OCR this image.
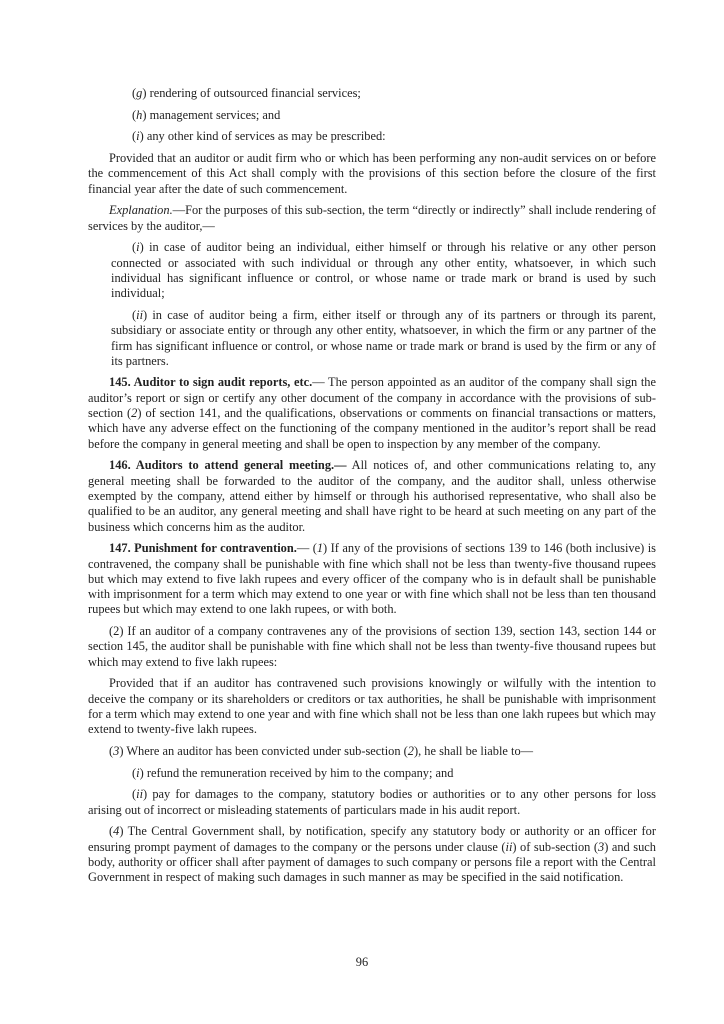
(g) rendering of outsourced financial services;

(h) management services; and

(i) any other kind of services as may be prescribed:

Provided that an auditor or audit firm who or which has been performing any non-audit services on or before the commencement of this Act shall comply with the provisions of this section before the closure of the first financial year after the date of such commencement.

Explanation.—For the purposes of this sub-section, the term “directly or indirectly” shall include rendering of services by the auditor,—

(i) in case of auditor being an individual, either himself or through his relative or any other person connected or associated with such individual or through any other entity, whatsoever, in which such individual has significant influence or control, or whose name or trade mark or brand is used by such individual;

(ii) in case of auditor being a firm, either itself or through any of its partners or through its parent, subsidiary or associate entity or through any other entity, whatsoever, in which the firm or any partner of the firm has significant influence or control, or whose name or trade mark or brand is used by the firm or any of its partners.

145. Auditor to sign audit reports, etc.— The person appointed as an auditor of the company shall sign the auditor’s report or sign or certify any other document of the company in accordance with the provisions of sub-section (2) of section 141, and the qualifications, observations or comments on financial transactions or matters, which have any adverse effect on the functioning of the company mentioned in the auditor’s report shall be read before the company in general meeting and shall be open to inspection by any member of the company.

146. Auditors to attend general meeting.— All notices of, and other communications relating to, any general meeting shall be forwarded to the auditor of the company, and the auditor shall, unless otherwise exempted by the company, attend either by himself or through his authorised representative, who shall also be qualified to be an auditor, any general meeting and shall have right to be heard at such meeting on any part of the business which concerns him as the auditor.

147. Punishment for contravention.— (1) If any of the provisions of sections 139 to 146 (both inclusive) is contravened, the company shall be punishable with fine which shall not be less than twenty-five thousand rupees but which may extend to five lakh rupees and every officer of the company who is in default shall be punishable with imprisonment for a term which may extend to one year or with fine which shall not be less than ten thousand rupees but which may extend to one lakh rupees, or with both.

(2) If an auditor of a company contravenes any of the provisions of section 139, section 143, section 144 or section 145, the auditor shall be punishable with fine which shall not be less than twenty-five thousand rupees but which may extend to five lakh rupees:

Provided that if an auditor has contravened such provisions knowingly or wilfully with the intention to deceive the company or its shareholders or creditors or tax authorities, he shall be punishable with imprisonment for a term which may extend to one year and with fine which shall not be less than one lakh rupees but which may extend to twenty-five lakh rupees.

(3) Where an auditor has been convicted under sub-section (2), he shall be liable to—

(i) refund the remuneration received by him to the company; and

(ii) pay for damages to the company, statutory bodies or authorities or to any other persons for loss arising out of incorrect or misleading statements of particulars made in his audit report.

(4) The Central Government shall, by notification, specify any statutory body or authority or an officer for ensuring prompt payment of damages to the company or the persons under clause (ii) of sub-section (3) and such body, authority or officer shall after payment of damages to such company or persons file a report with the Central Government in respect of making such damages in such manner as may be specified in the said notification.

96
